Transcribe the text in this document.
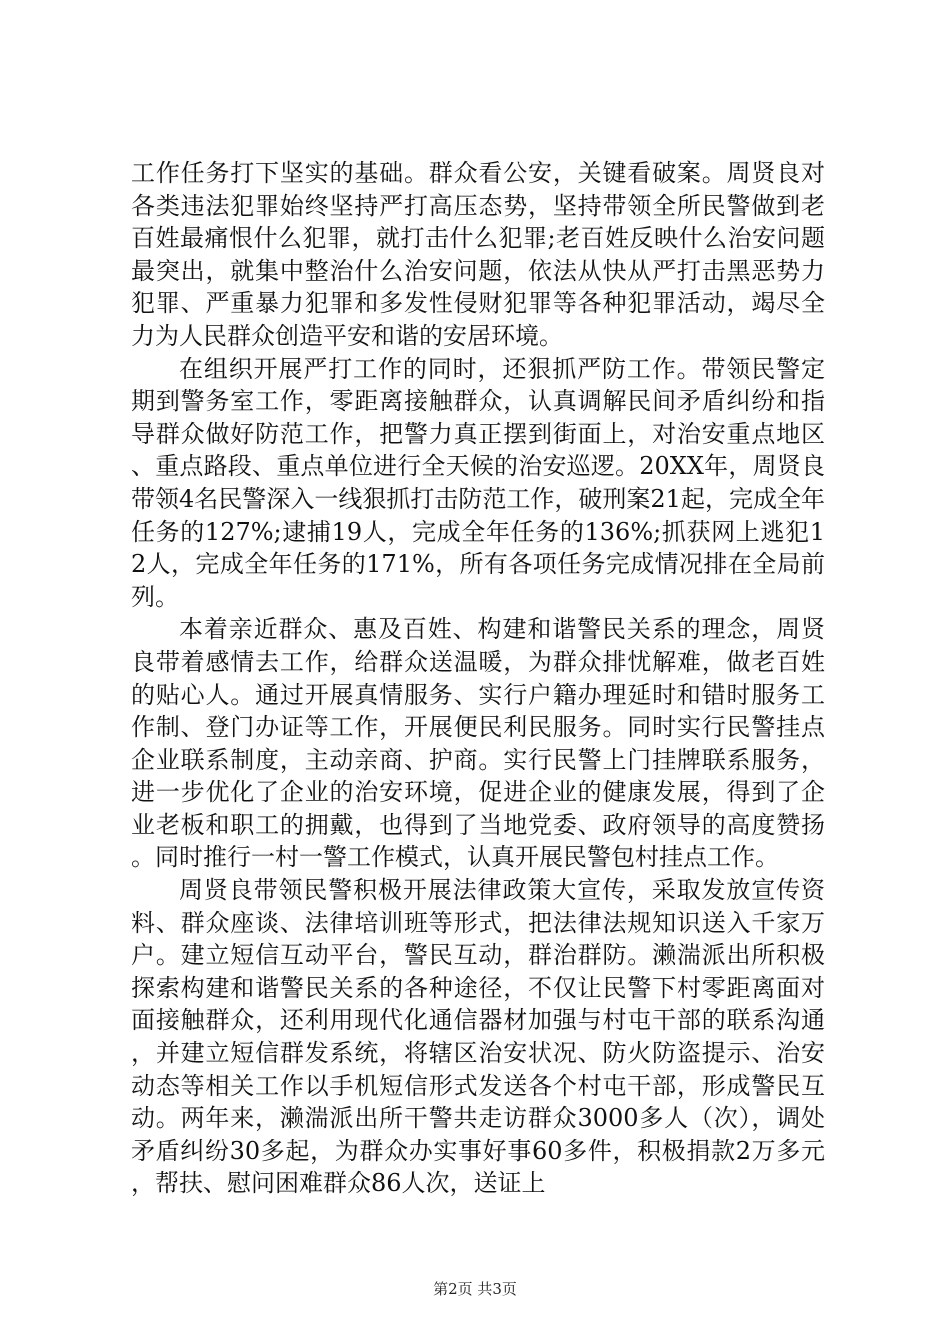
工作任务打下坚实的基础。群众看公安，关键看破案。周贤良对各类违法犯罪始终坚持严打高压态势，坚持带领全所民警做到老百姓最痛恨什么犯罪，就打击什么犯罪;老百姓反映什么治安问题最突出，就集中整治什么治安问题，依法从快从严打击黑恶势力犯罪、严重暴力犯罪和多发性侵财犯罪等各种犯罪活动，竭尽全力为人民群众创造平安和谐的安居环境。

在组织开展严打工作的同时，还狠抓严防工作。带领民警定期到警务室工作，零距离接触群众，认真调解民间矛盾纠纷和指导群众做好防范工作，把警力真正摆到街面上，对治安重点地区、重点路段、重点单位进行全天候的治安巡逻。20XX年，周贤良带领4名民警深入一线狠抓打击防范工作，破刑案21起，完成全年任务的127%;逮捕19人，完成全年任务的136%;抓获网上逃犯12人，完成全年任务的171%，所有各项任务完成情况排在全局前列。

本着亲近群众、惠及百姓、构建和谐警民关系的理念，周贤良带着感情去工作，给群众送温暖，为群众排忧解难，做老百姓的贴心人。通过开展真情服务、实行户籍办理延时和错时服务工作制、登门办证等工作，开展便民利民服务。同时实行民警挂点企业联系制度，主动亲商、护商。实行民警上门挂牌联系服务，进一步优化了企业的治安环境，促进企业的健康发展，得到了企业老板和职工的拥戴，也得到了当地党委、政府领导的高度赞扬。同时推行一村一警工作模式，认真开展民警包村挂点工作。

周贤良带领民警积极开展法律政策大宣传，采取发放宣传资料、群众座谈、法律培训班等形式，把法律法规知识送入千家万户。建立短信互动平台，警民互动，群治群防。濑湍派出所积极探索构建和谐警民关系的各种途径，不仅让民警下村零距离面对面接触群众，还利用现代化通信器材加强与村屯干部的联系沟通，并建立短信群发系统，将辖区治安状况、防火防盗提示、治安动态等相关工作以手机短信形式发送各个村屯干部，形成警民互动。两年来，濑湍派出所干警共走访群众3000多人（次），调处矛盾纠纷30多起，为群众办实事好事60多件，积极捐款2万多元，帮扶、慰问困难群众86人次，送证上

第2页 共3页
